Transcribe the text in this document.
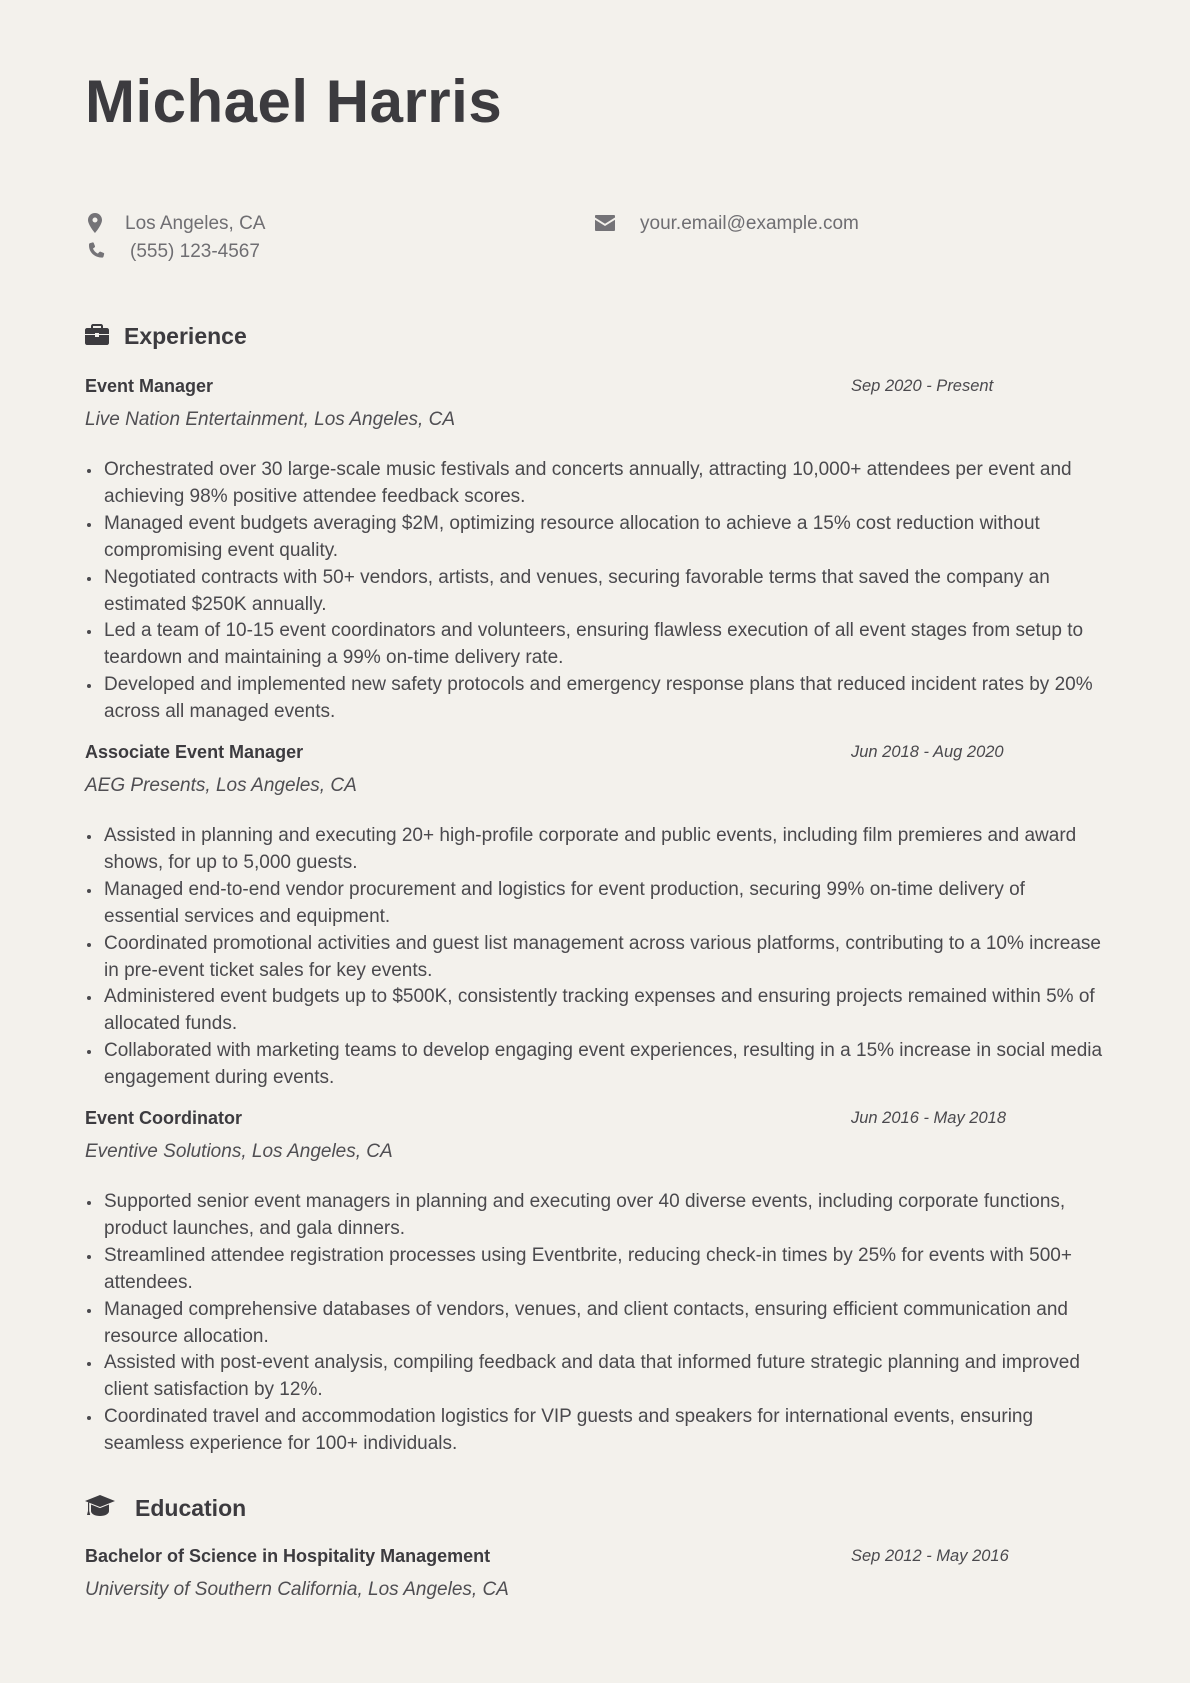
Michael Harris
Los Angeles, CA
(555) 123-4567
your.email@example.com
Experience
Event Manager	Sep 2020 - Present
Live Nation Entertainment, Los Angeles, CA
Orchestrated over 30 large-scale music festivals and concerts annually, attracting 10,000+ attendees per event and achieving 98% positive attendee feedback scores.
Managed event budgets averaging $2M, optimizing resource allocation to achieve a 15% cost reduction without compromising event quality.
Negotiated contracts with 50+ vendors, artists, and venues, securing favorable terms that saved the company an estimated $250K annually.
Led a team of 10-15 event coordinators and volunteers, ensuring flawless execution of all event stages from setup to teardown and maintaining a 99% on-time delivery rate.
Developed and implemented new safety protocols and emergency response plans that reduced incident rates by 20% across all managed events.
Associate Event Manager	Jun 2018 - Aug 2020
AEG Presents, Los Angeles, CA
Assisted in planning and executing 20+ high-profile corporate and public events, including film premieres and award shows, for up to 5,000 guests.
Managed end-to-end vendor procurement and logistics for event production, securing 99% on-time delivery of essential services and equipment.
Coordinated promotional activities and guest list management across various platforms, contributing to a 10% increase in pre-event ticket sales for key events.
Administered event budgets up to $500K, consistently tracking expenses and ensuring projects remained within 5% of allocated funds.
Collaborated with marketing teams to develop engaging event experiences, resulting in a 15% increase in social media engagement during events.
Event Coordinator	Jun 2016 - May 2018
Eventive Solutions, Los Angeles, CA
Supported senior event managers in planning and executing over 40 diverse events, including corporate functions, product launches, and gala dinners.
Streamlined attendee registration processes using Eventbrite, reducing check-in times by 25% for events with 500+ attendees.
Managed comprehensive databases of vendors, venues, and client contacts, ensuring efficient communication and resource allocation.
Assisted with post-event analysis, compiling feedback and data that informed future strategic planning and improved client satisfaction by 12%.
Coordinated travel and accommodation logistics for VIP guests and speakers for international events, ensuring seamless experience for 100+ individuals.
Education
Bachelor of Science in Hospitality Management	Sep 2012 - May 2016
University of Southern California, Los Angeles, CA
